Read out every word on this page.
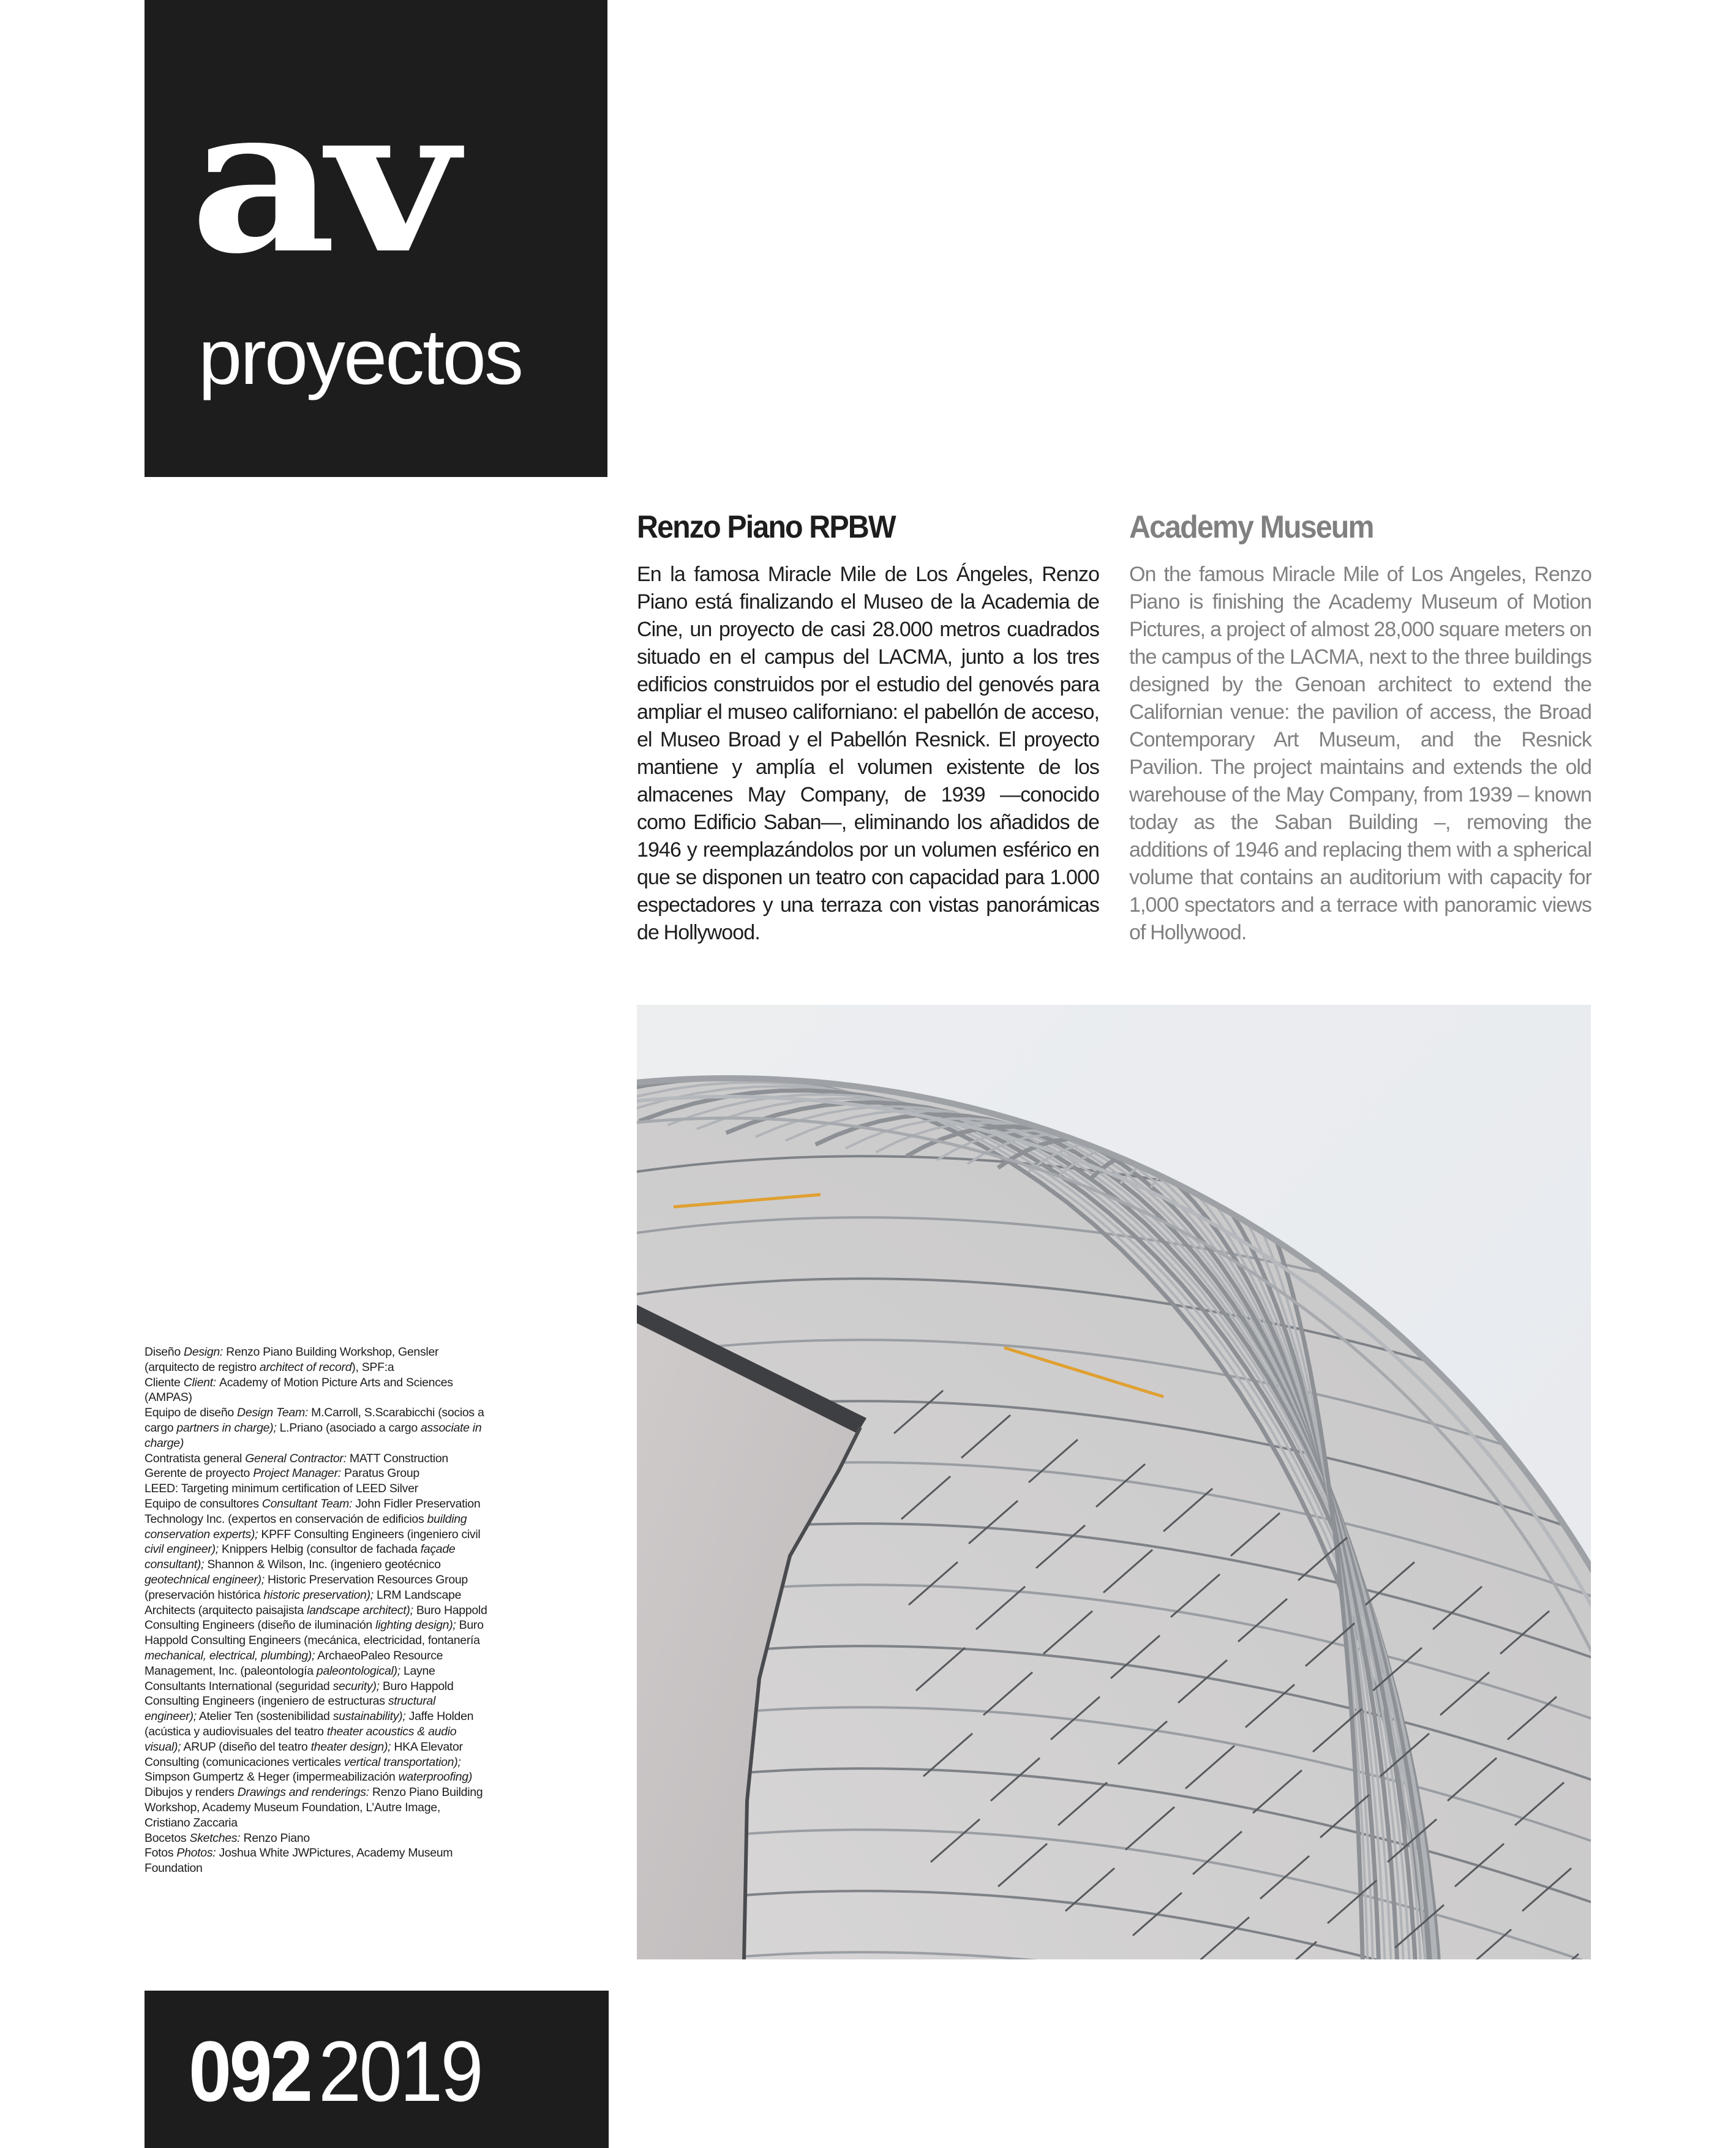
av
proyectos
Renzo Piano RPBW

En la famosa Miracle Mile de Los Ángeles, Renzo Piano está finalizando el Museo de la Academia de Cine, un proyecto de casi 28.000 metros cuadrados situado en el campus del LACMA, junto a los tres edificios construidos por el estudio del genovés para ampliar el museo californiano: el pabellón de acceso, el Museo Broad y el Pabellón Resnick. El proyecto mantiene y amplía el volumen existente de los almacenes May Company, de 1939 —conocido como Edificio Saban—, eliminando los añadidos de 1946 y reemplazándolos por un volumen esférico en que se disponen un teatro con capacidad para 1.000 espectadores y una terraza con vistas panorámicas de Hollywood.

Academy Museum

On the famous Miracle Mile of Los Angeles, Renzo Piano is finishing the Academy Museum of Motion Pictures, a project of almost 28,000 square meters on the campus of the LACMA, next to the three buildings designed by the Genoan architect to extend the Californian venue: the pavilion of access, the Broad Contemporary Art Museum, and the Resnick Pavilion. The project maintains and extends the old warehouse of the May Company, from 1939 – known today as the Saban Building –, removing the additions of 1946 and replacing them with a spherical volume that contains an auditorium with capacity for 1,000 spectators and a terrace with panoramic views of Hollywood.

Diseño Design: Renzo Piano Building Workshop, Gensler (arquitecto de registro architect of record), SPF:a
Cliente Client: Academy of Motion Picture Arts and Sciences (AMPAS)
Equipo de diseño Design Team: M.Carroll, S.Scarabicchi (socios a cargo partners in charge); L.Priano (asociado a cargo associate in charge)
Contratista general General Contractor: MATT Construction
Gerente de proyecto Project Manager: Paratus Group
LEED: Targeting minimum certification of LEED Silver
Equipo de consultores Consultant Team: John Fidler Preservation Technology Inc. (expertos en conservación de edificios building conservation experts); KPFF Consulting Engineers (ingeniero civil civil engineer); Knippers Helbig (consultor de fachada façade consultant); Shannon & Wilson, Inc. (ingeniero geotécnico geotechnical engineer); Historic Preservation Resources Group (preservación histórica historic preservation); LRM Landscape Architects (arquitecto paisajista landscape architect); Buro Happold Consulting Engineers (diseño de iluminación lighting design); Buro Happold Consulting Engineers (mecánica, electricidad, fontanería mechanical, electrical, plumbing); ArchaeoPaleo Resource Management, Inc. (paleontología paleontological); Layne Consultants International (seguridad security); Buro Happold Consulting Engineers (ingeniero de estructuras structural engineer); Atelier Ten (sostenibilidad sustainability); Jaffe Holden (acústica y audiovisuales del teatro theater acoustics & audio visual); ARUP (diseño del teatro theater design); HKA Elevator Consulting (comunicaciones verticales vertical transportation); Simpson Gumpertz & Heger (impermeabilización waterproofing)
Dibujos y renders Drawings and renderings: Renzo Piano Building Workshop, Academy Museum Foundation, L’Autre Image, Cristiano Zaccaria
Bocetos Sketches: Renzo Piano
Fotos Photos: Joshua White JWPictures, Academy Museum Foundation
0922019
